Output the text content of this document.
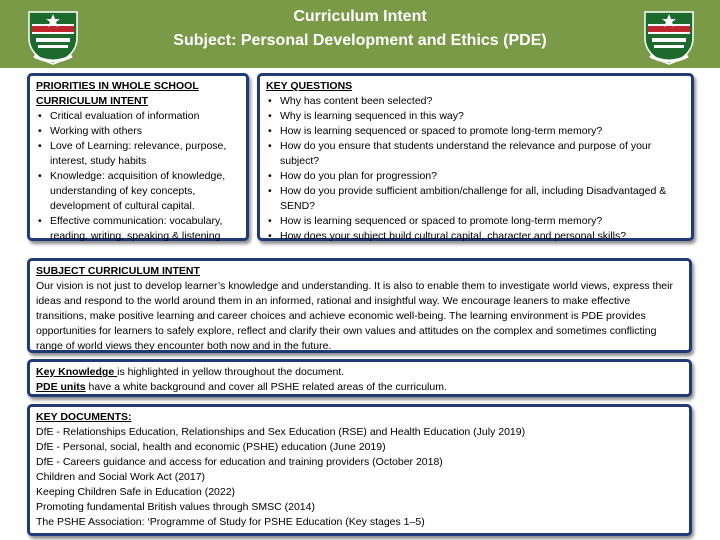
Curriculum Intent
Subject: Personal Development and Ethics (PDE)
PRIORITIES IN WHOLE SCHOOL
CURRICULUM INTENT
• Critical evaluation of information
• Working with others
• Love of Learning: relevance, purpose, interest, study habits
• Knowledge: acquisition of knowledge, understanding of key concepts, development of cultural capital.
• Effective communication: vocabulary, reading, writing, speaking & listening
KEY QUESTIONS
• Why has content been selected?
• Why is learning sequenced in this way?
• How is learning sequenced or spaced to promote long-term memory?
• How do you ensure that students understand the relevance and purpose of your subject?
• How do you plan for progression?
• How do you provide sufficient ambition/challenge for all, including Disadvantaged & SEND?
• How is learning sequenced or spaced to promote long-term memory?
• How does your subject build cultural capital, character and personal skills?
SUBJECT CURRICULUM INTENT
Our vision is not just to develop learner’s knowledge and understanding. It is also to enable them to investigate world views, express their ideas and respond to the world around them in an informed, rational and insightful way. We encourage leaners to make effective transitions, make positive learning and career choices and achieve economic well-being. The learning environment is PDE provides opportunities for learners to safely explore, reflect and clarify their own values and attitudes on the complex and sometimes conflicting range of world views they encounter both now and in the future.
Key Knowledge is highlighted in yellow throughout the document.
PDE units have a white background and cover all PSHE related areas of the curriculum.
KEY DOCUMENTS:
DfE - Relationships Education, Relationships and Sex Education (RSE) and Health Education (July 2019)
DfE - Personal, social, health and economic (PSHE) education (June 2019)
DfE - Careers guidance and access for education and training providers (October 2018)
Children and Social Work Act (2017)
Keeping Children Safe in Education (2022)
Promoting fundamental British values through SMSC (2014)
The PSHE Association: ‘Programme of Study for PSHE Education (Key stages 1–5)
